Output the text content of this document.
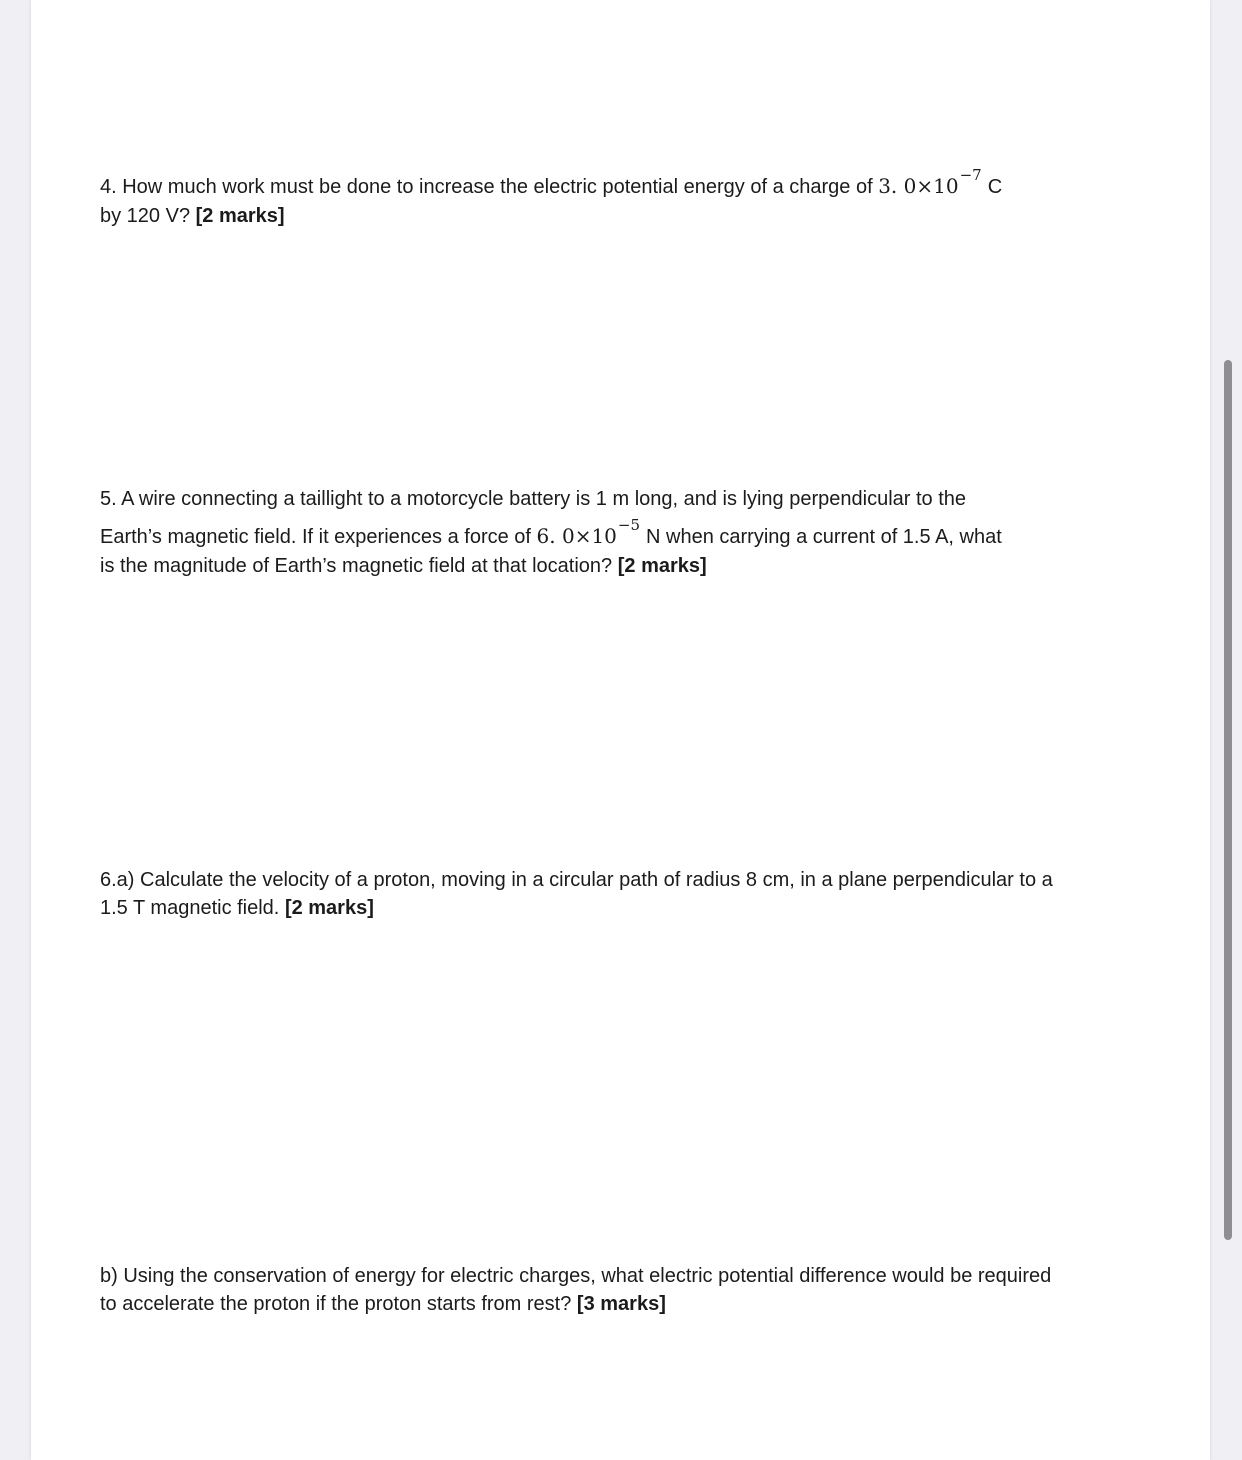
4. How much work must be done to increase the electric potential energy of a charge of 3. $0\times 10^{-7}C$
by 120 V? [2 marks]
5. A wire connecting a taillight to a motorcycle battery is 1 m long, and is lying perpendicular to the
Earth’s magnetic field. If it experiences a force of 6. $0\times 10^{-5}N$ when carrying a current of 1.5 A, what
is the magnitude of Earth’s magnetic field at that location? [2 marks]
6.a) Calculate the velocity of a proton, moving in a circular path of radius 8 cm, in a plane perpendicular to a
1.5 T magnetic field. [2 marks]
b) Using the conservation of energy for electric charges, what electric potential difference would be required
to accelerate the proton if the proton starts from rest? [3 marks]
